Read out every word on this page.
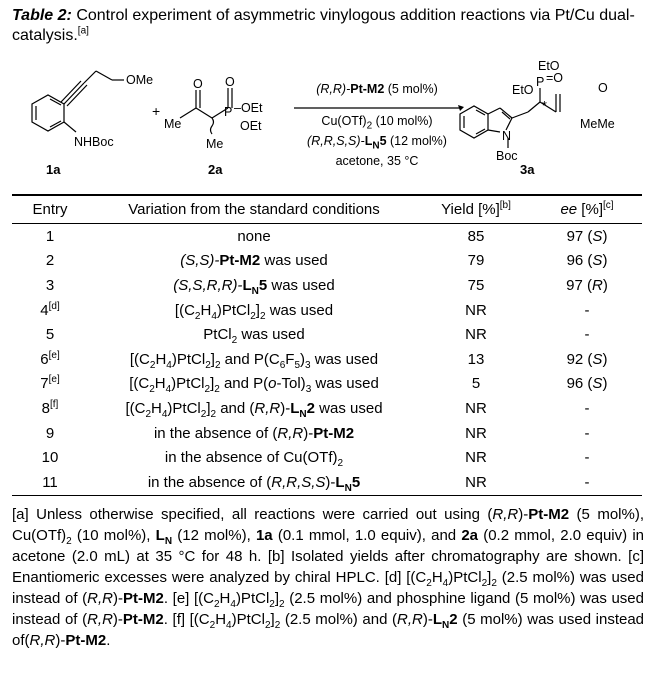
Table 2: Control experiment of asymmetric vinylogous addition reactions via Pt/Cu dual-catalysis.[a]
OMe
NHBoc
+
Me
O O
P –OEt
OEt
Me
EtO
EtO
P =O
O
*
MeMe
N
Boc
1a	2a	3a
(R,R)-Pt-M2 (5 mol%)
$Cu(OTf)_2$ (10 mol%)
$(R,R,S,S)-L_N5$ (12 mol%)
acetone, 35 °C
Entry	Variation from the standard conditions	Yield [%][b]	ee [%][c]
1	none	85	97 (S)
2	(S,S)-Pt-M2 was used	79	96 (S)
3	$(S,S,R,R)-L_N5$ was used	75	97 (R)
4[d]	$[(C_2H_4)PtCl_2]_2$ was used	NR	-
5	PtCl$_2$ was used	NR	-
6[e]	$[(C_2H_4)PtCl_2]_2$ and $P(C_6F_5)_3$ was used	13	92 (S)
7[e]	$[(C_2H_4)PtCl_2]_2$ and $P(o-Tol)_3$ was used	5	96 (S)
8[f]	$[(C_2H_4)PtCl_2]_2$ and $(R,R)-L_N2$ was used	NR	-
9	in the absence of (R,R)-Pt-M2	NR	-
10	in the absence of $Cu(OTf)_2$	NR	-
11	in the absence of $(R,R,S,S)-L_N5$	NR	-
[a] Unless otherwise specified, all reactions were carried out using (R,R)-Pt-M2 (5 mol%), $Cu(OTf)_2$ (10 mol%), $L_N$ (12 mol%), 1a (0.1 mmol, 1.0 equiv), and 2a (0.2 mmol, 2.0 equiv) in acetone (2.0 mL) at 35 °C for 48 h. [b] Isolated yields after chromatography are shown. [c] Enantiomeric excesses were analyzed by chiral HPLC. [d] $[(C_2H_4)PtCl_2]_2$ (2.5 mol%) was used instead of (R,R)-Pt-M2. [e] $[(C_2H_4)PtCl_2]_2$ (2.5 mol%) and phosphine ligand (5 mol%) was used instead of (R,R)-Pt-M2. [f] $[(C_2H_4)PtCl_2]_2$ (2.5 mol%) and $(R,R)-L_N2$ (5 mol%) was used instead of(R,R)-Pt-M2.
